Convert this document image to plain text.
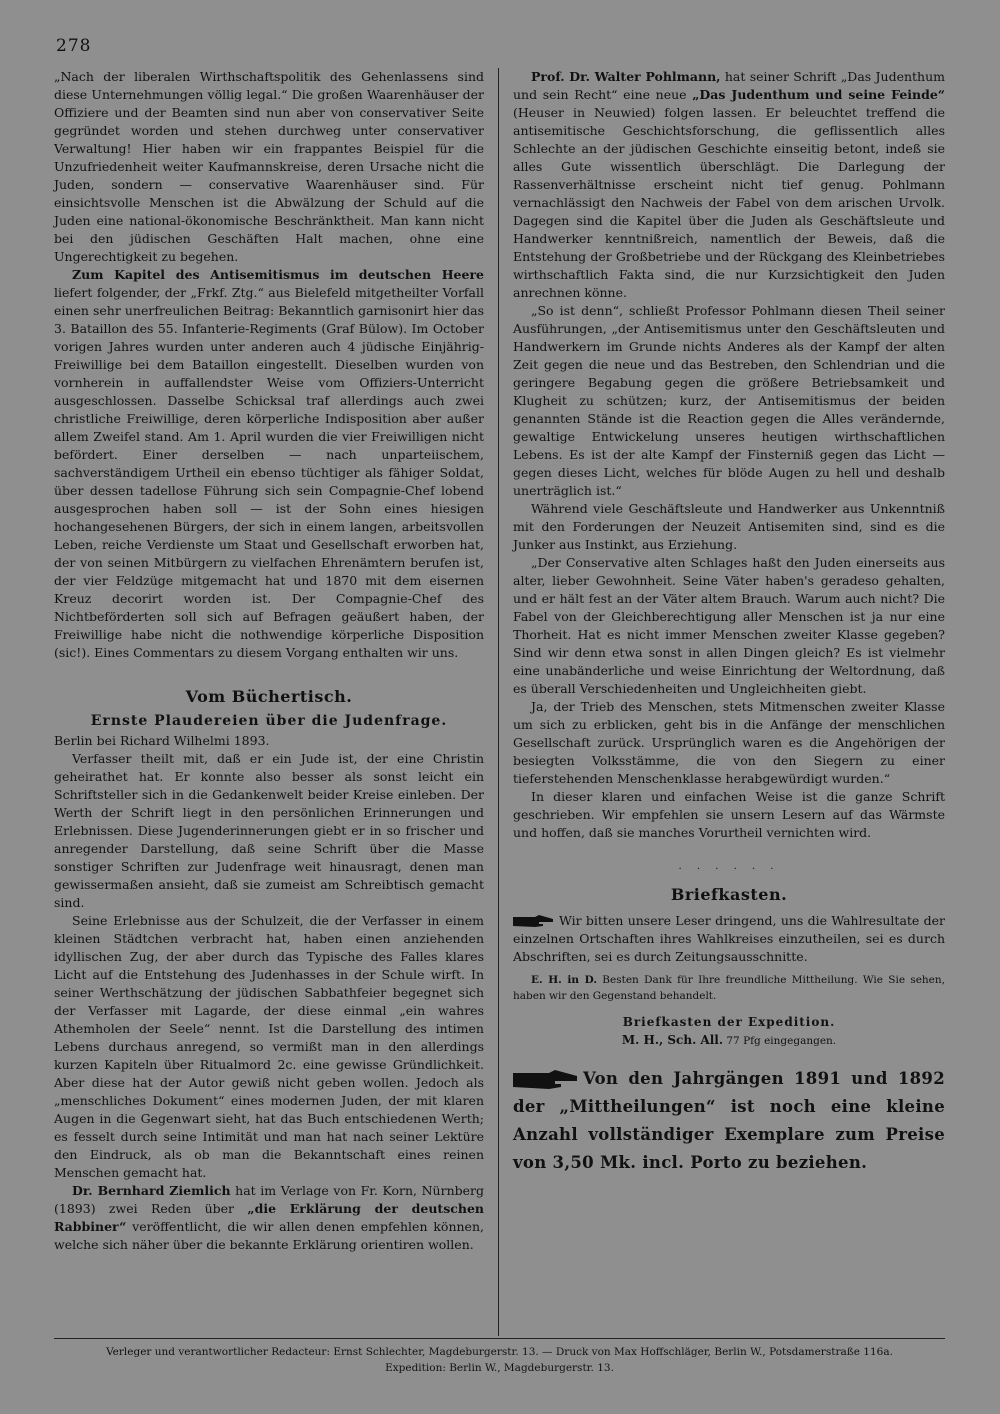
278

„Nach der liberalen Wirthschaftspolitik des Gehenlassens sind diese Unternehmungen völlig legal.“ Die großen Waarenhäuser der Offiziere und der Beamten sind nun aber von conservativer Seite gegründet worden und stehen durchweg unter conservativer Verwaltung! Hier haben wir ein frappantes Beispiel für die Unzufriedenheit weiter Kaufmannskreise, deren Ursache nicht die Juden, sondern — conservative Waarenhäuser sind. Für einsichtsvolle Menschen ist die Abwälzung der Schuld auf die Juden eine national-ökonomische Beschränktheit. Man kann nicht bei den jüdischen Geschäften Halt machen, ohne eine Ungerechtigkeit zu begehen.

Zum Kapitel des Antisemitismus im deutschen Heere liefert folgender, der „Frkf. Ztg.“ aus Bielefeld mitgetheilter Vorfall einen sehr unerfreulichen Beitrag: Bekanntlich garnisonirt hier das 3. Bataillon des 55. Infanterie-Regiments (Graf Bülow). Im October vorigen Jahres wurden unter anderen auch 4 jüdische Einjährig-Freiwillige bei dem Bataillon eingestellt. Dieselben wurden von vornherein in auffallendster Weise vom Offiziers-Unterricht ausgeschlossen. Dasselbe Schicksal traf allerdings auch zwei christliche Freiwillige, deren körperliche Indisposition aber außer allem Zweifel stand. Am 1. April wurden die vier Freiwilligen nicht befördert. Einer derselben — nach unparteiischem, sachverständigem Urtheil ein ebenso tüchtiger als fähiger Soldat, über dessen tadellose Führung sich sein Compagnie-Chef lobend ausgesprochen haben soll — ist der Sohn eines hiesigen hochangesehenen Bürgers, der sich in einem langen, arbeitsvollen Leben, reiche Verdienste um Staat und Gesellschaft erworben hat, der von seinen Mitbürgern zu vielfachen Ehrenämtern berufen ist, der vier Feldzüge mitgemacht hat und 1870 mit dem eisernen Kreuz decorirt worden ist. Der Compagnie-Chef des Nichtbeförderten soll sich auf Befragen geäußert haben, der Freiwillige habe nicht die nothwendige körperliche Disposition (sic!). Eines Commentars zu diesem Vorgang enthalten wir uns.

Vom Büchertisch.
Ernste Plaudereien über die Judenfrage.

Berlin bei Richard Wilhelmi 1893.

Verfasser theilt mit, daß er ein Jude ist, der eine Christin geheirathet hat. Er konnte also besser als sonst leicht ein Schriftsteller sich in die Gedankenwelt beider Kreise einleben. Der Werth der Schrift liegt in den persönlichen Erinnerungen und Erlebnissen. Diese Jugenderinnerungen giebt er in so frischer und anregender Darstellung, daß seine Schrift über die Masse sonstiger Schriften zur Judenfrage weit hinausragt, denen man gewissermaßen ansieht, daß sie zumeist am Schreibtisch gemacht sind.

Seine Erlebnisse aus der Schulzeit, die der Verfasser in einem kleinen Städtchen verbracht hat, haben einen anziehenden idyllischen Zug, der aber durch das Typische des Falles klares Licht auf die Entstehung des Judenhasses in der Schule wirft. In seiner Werthschätzung der jüdischen Sabbathfeier begegnet sich der Verfasser mit Lagarde, der diese einmal „ein wahres Athemholen der Seele“ nennt. Ist die Darstellung des intimen Lebens durchaus anregend, so vermißt man in den allerdings kurzen Kapiteln über Ritualmord 2c. eine gewisse Gründlichkeit. Aber diese hat der Autor gewiß nicht geben wollen. Jedoch als „menschliches Dokument“ eines modernen Juden, der mit klaren Augen in die Gegenwart sieht, hat das Buch entschiedenen Werth; es fesselt durch seine Intimität und man hat nach seiner Lektüre den Eindruck, als ob man die Bekanntschaft eines reinen Menschen gemacht hat.

Dr. Bernhard Ziemlich hat im Verlage von Fr. Korn, Nürnberg (1893) zwei Reden über „die Erklärung der deutschen Rabbiner“ veröffentlicht, die wir allen denen empfehlen können, welche sich näher über die bekannte Erklärung orientiren wollen.

Prof. Dr. Walter Pohlmann, hat seiner Schrift „Das Judenthum und sein Recht“ eine neue „Das Judenthum und seine Feinde“ (Heuser in Neuwied) folgen lassen. Er beleuchtet treffend die antisemitische Geschichtsforschung, die geflissentlich alles Schlechte an der jüdischen Geschichte einseitig betont, indeß sie alles Gute wissentlich überschlägt. Die Darlegung der Rassenverhältnisse erscheint nicht tief genug. Pohlmann vernachlässigt den Nachweis der Fabel von dem arischen Urvolk. Dagegen sind die Kapitel über die Juden als Geschäftsleute und Handwerker kenntnißreich, namentlich der Beweis, daß die Entstehung der Großbetriebe und der Rückgang des Kleinbetriebes wirthschaftlich Fakta sind, die nur Kurzsichtigkeit den Juden anrechnen könne.

„So ist denn“, schließt Professor Pohlmann diesen Theil seiner Ausführungen, „der Antisemitismus unter den Geschäftsleuten und Handwerkern im Grunde nichts Anderes als der Kampf der alten Zeit gegen die neue und das Bestreben, den Schlendrian und die geringere Begabung gegen die größere Betriebsamkeit und Klugheit zu schützen; kurz, der Antisemitismus der beiden genannten Stände ist die Reaction gegen die Alles verändernde, gewaltige Entwickelung unseres heutigen wirthschaftlichen Lebens. Es ist der alte Kampf der Finsterniß gegen das Licht — gegen dieses Licht, welches für blöde Augen zu hell und deshalb unerträglich ist.“

Während viele Geschäftsleute und Handwerker aus Unkenntniß mit den Forderungen der Neuzeit Antisemiten sind, sind es die Junker aus Instinkt, aus Erziehung.

„Der Conservative alten Schlages haßt den Juden einerseits aus alter, lieber Gewohnheit. Seine Väter haben's geradeso gehalten, und er hält fest an der Väter altem Brauch. Warum auch nicht? Die Fabel von der Gleichberechtigung aller Menschen ist ja nur eine Thorheit. Hat es nicht immer Menschen zweiter Klasse gegeben? Sind wir denn etwa sonst in allen Dingen gleich? Es ist vielmehr eine unabänderliche und weise Einrichtung der Weltordnung, daß es überall Verschiedenheiten und Ungleichheiten giebt.

Ja, der Trieb des Menschen, stets Mitmenschen zweiter Klasse um sich zu erblicken, geht bis in die Anfänge der menschlichen Gesellschaft zurück. Ursprünglich waren es die Angehörigen der besiegten Volksstämme, die von den Siegern zu einer tieferstehenden Menschenklasse herabgewürdigt wurden.“

In dieser klaren und einfachen Weise ist die ganze Schrift geschrieben. Wir empfehlen sie unsern Lesern auf das Wärmste und hoffen, daß sie manches Vorurtheil vernichten wird.

. . . . . .
Briefkasten.

Wir bitten unsere Leser dringend, uns die Wahlresultate der einzelnen Ortschaften ihres Wahlkreises einzutheilen, sei es durch Abschriften, sei es durch Zeitungsausschnitte.

E. H. in D. Besten Dank für Ihre freundliche Mittheilung. Wie Sie sehen, haben wir den Gegenstand behandelt.

Briefkasten der Expedition.

M. H., Sch. All. 77 Pfg eingegangen.

Von den Jahrgängen 1891 und 1892 der „Mittheilungen“ ist noch eine kleine Anzahl vollständiger Exemplare zum Preise von 3,50 Mk. incl. Porto zu beziehen.
Verleger und verantwortlicher Redacteur: Ernst Schlechter, Magdeburgerstr. 13. — Druck von Max Hoffschläger, Berlin W., Potsdamerstraße 116a.
Expedition: Berlin W., Magdeburgerstr. 13.
